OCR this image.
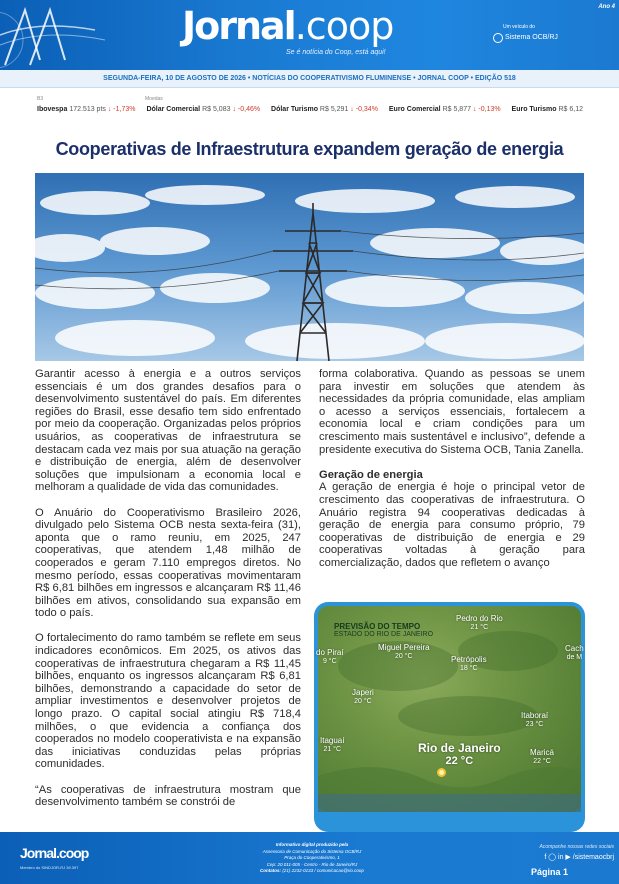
Jornal.coop
Se é notícia do Coop, está aqui!
Ano 4
Um veículo do
Sistema OCB/RJ
SEGUNDA-FEIRA, 10 DE AGOSTO DE 2026 • NOTÍCIAS DO COOPERATIVISMO FLUMINENSE • JORNAL COOP • EDIÇÃO 518
B3	Moedas
Ibovespa 172.513 pts ↓ -1,73% Dólar Comercial R$ 5,083 ↓ -0,46% Dólar Turismo R$ 5,291 ↓ -0,34% Euro Comercial R$ 5,877 ↓ -0,13% Euro Turismo R$ 6,12
Cooperativas de Infraestrutura expandem geração de energia

Garantir acesso à energia e a outros serviços essenciais é um dos grandes desafios para o desenvolvimento sustentável do país. Em diferentes regiões do Brasil, esse desafio tem sido enfrentado por meio da cooperação. Organizadas pelos próprios usuários, as cooperativas de infraestrutura se destacam cada vez mais por sua atuação na geração e distribuição de energia, além de desenvolver soluções que impulsionam a economia local e melhoram a qualidade de vida das comunidades.

O Anuário do Cooperativismo Brasileiro 2026, divulgado pelo Sistema OCB nesta sexta-feira (31), aponta que o ramo reuniu, em 2025, 247 cooperativas, que atendem 1,48 milhão de cooperados e geram 7.110 empregos diretos. No mesmo período, essas cooperativas movimentaram R$ 6,81 bilhões em ingressos e alcançaram R$ 11,46 bilhões em ativos, consolidando sua expansão em todo o país.

O fortalecimento do ramo também se reflete em seus indicadores econômicos. Em 2025, os ativos das cooperativas de infraestrutura chegaram a R$ 11,45 bilhões, enquanto os ingressos alcançaram R$ 6,81 bilhões, demonstrando a capacidade do setor de ampliar investimentos e desenvolver projetos de longo prazo. O capital social atingiu R$ 718,4 milhões, o que evidencia a confiança dos cooperados no modelo cooperativista e na expansão das iniciativas conduzidas pelas próprias comunidades.

“As cooperativas de infraestrutura mostram que desenvolvimento também se constrói de

forma colaborativa. Quando as pessoas se unem para investir em soluções que atendem às necessidades da própria comunidade, elas ampliam o acesso a serviços essenciais, fortalecem a economia local e criam condições para um crescimento mais sustentável e inclusivo”, defende a presidente executiva do Sistema OCB, Tania Zanella.

Geração de energia

A geração de energia é hoje o principal vetor de crescimento das cooperativas de infraestrutura. O Anuário registra 94 cooperativas dedicadas à geração de energia para consumo próprio, 79 cooperativas de distribuição de energia e 29 cooperativas voltadas à geração para comercialização, dados que refletem o avanço

PREVISÃO DO TEMPO
ESTADO DO RIO DE JANEIRO
Pedro do Rio
21 °C
do Piraí
9 °C
Miguel Pereira
20 °C	Petrópolis
18 °C
Cach
de M
Japeri
20 °C
Itaboraí
23 °C
Itaguaí
21 °C	Rio de Janeiro
22 °C
Maricá
22 °C
Jornal.coop
Membro do SINDJOR-RJ 39.397
Informativo digital produzido pela
Assessoria de Comunicação do Sistema OCB/RJ
Praça do Cooperativismo, 1
Cep: 20.011-005 - Centro - Rio de Janeiro/RJ
Contatos: (21) 2232-0133 / comunicacao@rio.coop
Acompanhe nossas redes sociais
f ◯ in ▶ /sistemaocbrj
Página 1
